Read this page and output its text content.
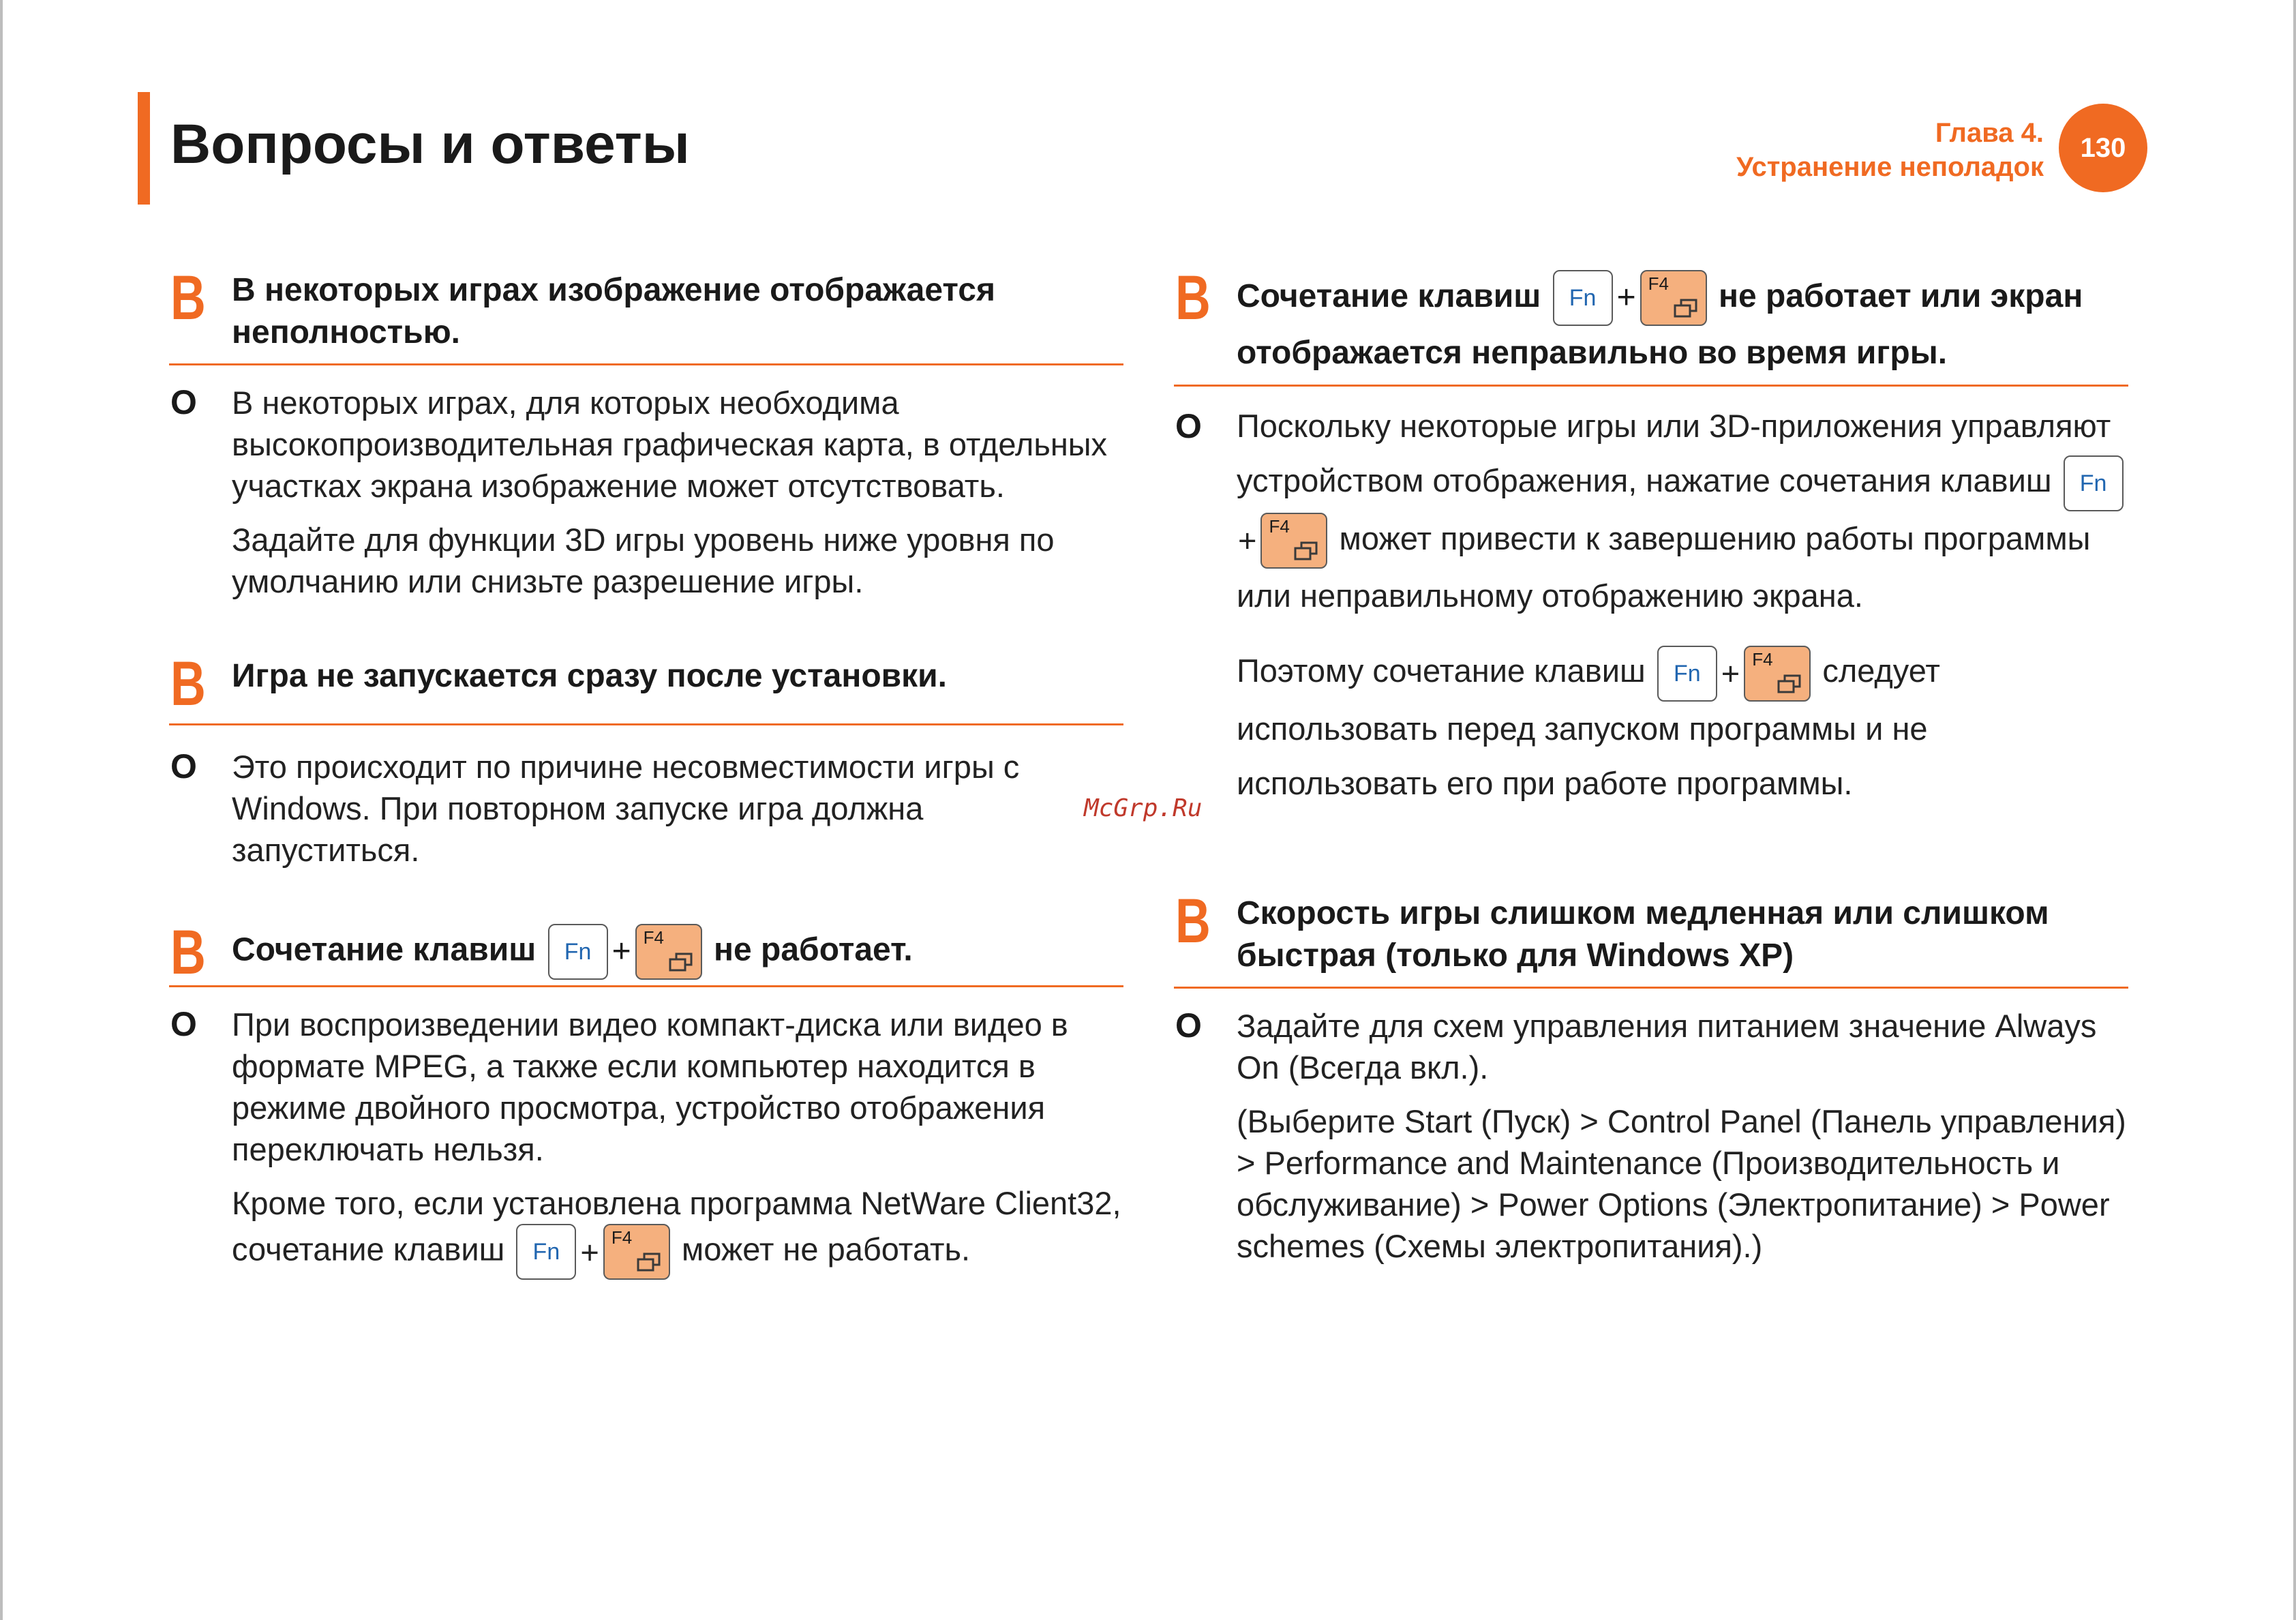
Вопросы и ответы	Глава 4.
Устранение неполадок
130
McGrp.Ru
В В некоторых играх изображение отображается неполностью.
О В некоторых играх, для которых необходима высокопроизводительная графическая карта, в отдельных участках экрана изображение может отсутствовать.

Задайте для функции 3D игры уровень ниже уровня по умолчанию или снизьте разрешение игры.

В Игра не запускается сразу после установки.
О Это происходит по причине несовместимости игры с Windows. При повторном запуске игра должна запуститься.

В Сочетание клавиш Fn + F4 не работает.
О При воспроизведении видео компакт-диска или видео в формате MPEG, а также если компьютер находится в режиме двойного просмотра, устройство отображения переключать нельзя.

Кроме того, если установлена программа NetWare Client32,
сочетание клавиш Fn + F4 может не работать.

В Сочетание клавиш Fn + F4 не работает или экран отображается неправильно во время игры.
О Поскольку некоторые игры или 3D-приложения управляют устройством отображения, нажатие сочетания клавиш Fn+ F4 может привести к завершению работы программы или неправильному отображению экрана.

Поэтому сочетание клавиш Fn + F4 следует использовать перед запуском программы и не использовать его при работе программы.

В Скорость игры слишком медленная или слишком быстрая (только для Windows XP)
О Задайте для схем управления питанием значение Always On (Всегда вкл.).

(Выберите Start (Пуск) > Control Panel (Панель управления) > Performance and Maintenance (Производительность и обслуживание) > Power Options (Электропитание) > Power schemes (Схемы электропитания).)
